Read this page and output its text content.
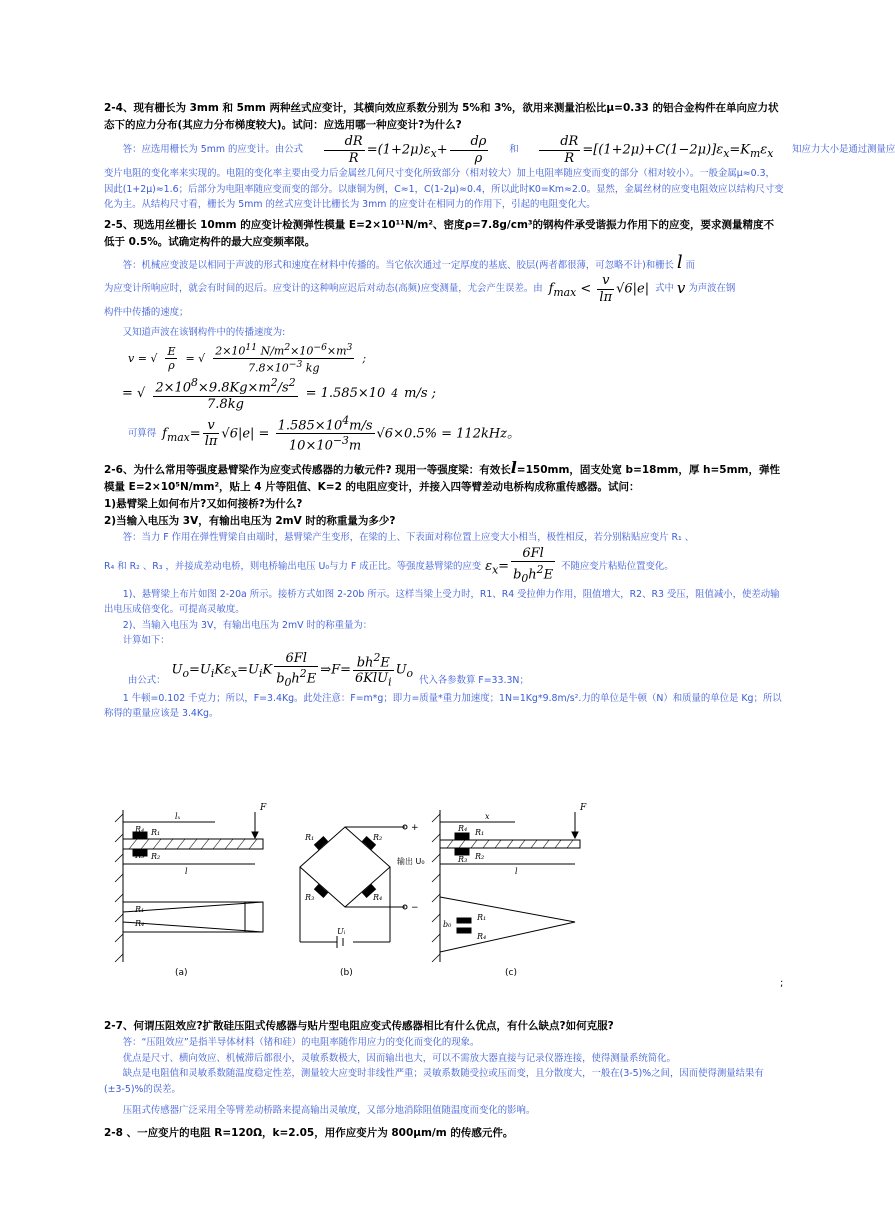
2-4、现有栅长为 3mm 和 5mm 两种丝式应变计，其横向效应系数分别为 5%和 3%，欲用来测量泊松比μ=0.33 的铝合金构件在单向应力状态下的应力分布(其应力分布梯度较大)。试问：应选用哪一种应变计?为什么?

答：应选用栅长为 5mm 的应变计。由公式 $\frac{dR}{R} =(1+2\mu)\varepsilon_x+ \frac{d\rho}{\rho}$	和 $\frac{dR}{R} =[(1+2\mu)+C(1-2\mu)]\varepsilon_x=K_m\varepsilon_x$	知应力大小是通过测量应

变片电阻的变化率来实现的。电阻的变化率主要由受力后金属丝几何尺寸变化所致部分（相对较大）加上电阻率随应变而变的部分（相对较小）。一般金属μ≈0.3，因此(1+2μ)≈1.6；后部分为电阻率随应变而变的部分。以康铜为例，C≈1，C(1-2μ)≈0.4，所以此时K0=Km≈2.0。显然，金属丝材的应变电阻效应以结构尺寸变化为主。从结构尺寸看，栅长为 5mm 的丝式应变计比栅长为 3mm 的应变计在相同力的作用下，引起的电阻变化大。

2-5、现选用丝栅长 10mm 的应变计检测弹性模量 E=2×10¹¹N/m²、密度ρ=7.8g/cm³的钢构件承受谐振力作用下的应变，要求测量精度不低于 0.5%。试确定构件的最大应变频率限。

答：机械应变波是以相同于声波的形式和速度在材料中传播的。当它依次通过一定厚度的基底、胶层(两者都很薄，可忽略不计)和栅长 l 而

为应变计所响应时，就会有时间的迟后。应变计的这种响应迟后对动态(高频)应变测量，尤会产生误差。由 $f_{max} < \frac{v}{l\pi} √6|e|$ 式中 v 为声波在钢

构件中传播的速度；

又知道声波在该钢构件中的传播速度为:

v = √ $\frac{E}{\rho}$ = √ $\frac{2\times 10^{11} N/m^2\times 10^{-6}\times m^3}{7.8\times 10^{-3} kg}$ ;
= √ $\frac{2\times 10^8\times 9.8Kg\times m^2/s^2}{7.8kg} = 1.585\times 10$ 4 m/s ;
可算得 $f_{max}= \frac{v}{l\pi} √6|e| = \frac{1.585\times 10^4m/s}{10\times 10^{-3}m} √6\times 0.5\% = 112kHz$。

2-6、为什么常用等强度悬臂梁作为应变式传感器的力敏元件? 现用一等强度梁：有效长l=150mm，固支处宽 b=18mm，厚 h=5mm，弹性模量 E=2×10⁵N/mm²，贴上 4 片等阻值、K=2 的电阻应变计，并接入四等臂差动电桥构成称重传感器。试问：

1)悬臂梁上如何布片?又如何接桥?为什么?

2)当输入电压为 3V，有输出电压为 2mV 时的称重量为多少?

答：当力 F 作用在弹性臂梁自由端时，悬臂梁产生变形，在梁的上、下表面对称位置上应变大小相当，极性相反，若分别粘贴应变片 R₁ 、

R₄ 和 R₂ 、R₃ ，并接成差动电桥，则电桥输出电压 U₀与力 F 成正比。等强度悬臂梁的应变 $\varepsilon_x= \frac{6Fl}{b_0h^2E}$ 不随应变片粘贴位置变化。

1)、悬臂梁上布片如图 2-20a 所示。接桥方式如图 2-20b 所示。这样当梁上受力时，R1、R4 受拉伸力作用，阻值增大，R2、R3 受压，阻值减小，使差动输出电压成倍变化。可提高灵敏度。

2)、当输入电压为 3V，有输出电压为 2mV 时的称重量为：

计算如下：

由公式：
$U_o=U_iK\varepsilon_x=U_iK \frac{6Fl}{b_0h^2E}$ ⇒F= $\frac{bh^2E}{6KlU_i} U_o$
代入各参数算 F=33.3N；

1 牛顿=0.102 千克力；所以，F=3.4Kg。此处注意：F=m*g；即力=质量*重力加速度；1N=1Kg*9.8m/s².力的单位是牛顿（N）和质量的单位是 Kg；所以称得的重量应该是 3.4Kg。

R₄ R₁
R₃ R₂
lₓ
l
F
R₁
R₄
(a)
R₁	R₂
R₃	R₄
+
−
输出 U₀
Uᵢ
(b)
R₄ R₁
R₃ R₂
x
l
F
R₁
R₄
b₀
(c)
;

2-7、何谓压阻效应?扩散硅压阻式传感器与贴片型电阻应变式传感器相比有什么优点，有什么缺点?如何克服?

答：“压阻效应”是指半导体材料（锗和硅）的电阻率随作用应力的变化而变化的现象。

优点是尺寸、横向效应、机械滞后都很小，灵敏系数极大，因而输出也大，可以不需放大器直接与记录仪器连接，使得测量系统简化。

缺点是电阻值和灵敏系数随温度稳定性差，测量较大应变时非线性严重；灵敏系数随受拉或压而变，且分散度大，一般在(3-5)%之间，因而使得测量结果有(±3-5)%的误差。

压阻式传感器广泛采用全等臂差动桥路来提高输出灵敏度，又部分地消除阻值随温度而变化的影响。

2-8 、一应变片的电阻 R=120Ω，k=2.05，用作应变片为 800μm/m 的传感元件。
